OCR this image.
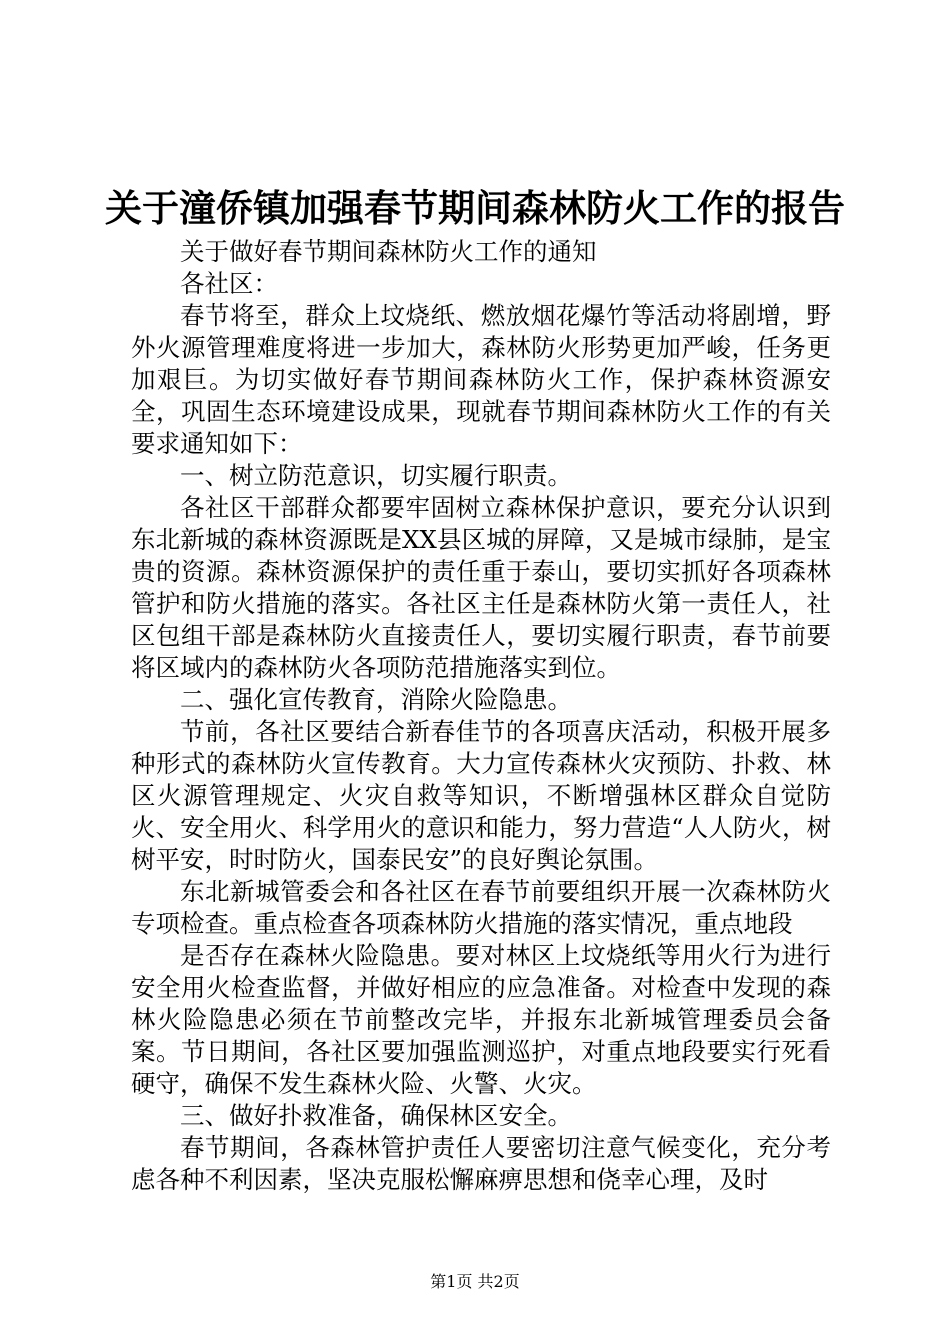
关于潼侨镇加强春节期间森林防火工作的报告

关于做好春节期间森林防火工作的通知

各社区：

春节将至，群众上坟烧纸、燃放烟花爆竹等活动将剧增，野外火源管理难度将进一步加大，森林防火形势更加严峻，任务更加艰巨。为切实做好春节期间森林防火工作，保护森林资源安全，巩固生态环境建设成果，现就春节期间森林防火工作的有关要求通知如下：

一、树立防范意识，切实履行职责。

各社区干部群众都要牢固树立森林保护意识，要充分认识到东北新城的森林资源既是XX县区城的屏障，又是城市绿肺，是宝贵的资源。森林资源保护的责任重于泰山，要切实抓好各项森林管护和防火措施的落实。各社区主任是森林防火第一责任人，社区包组干部是森林防火直接责任人，要切实履行职责，春节前要将区域内的森林防火各项防范措施落实到位。

二、强化宣传教育，消除火险隐患。

节前，各社区要结合新春佳节的各项喜庆活动，积极开展多种形式的森林防火宣传教育。大力宣传森林火灾预防、扑救、林区火源管理规定、火灾自救等知识，不断增强林区群众自觉防火、安全用火、科学用火的意识和能力，努力营造“人人防火，树树平安，时时防火，国泰民安”的良好舆论氛围。

东北新城管委会和各社区在春节前要组织开展一次森林防火专项检查。重点检查各项森林防火措施的落实情况，重点地段

是否存在森林火险隐患。要对林区上坟烧纸等用火行为进行安全用火检查监督，并做好相应的应急准备。对检查中发现的森林火险隐患必须在节前整改完毕，并报东北新城管理委员会备案。节日期间，各社区要加强监测巡护，对重点地段要实行死看硬守，确保不发生森林火险、火警、火灾。

三、做好扑救准备，确保林区安全。

春节期间，各森林管护责任人要密切注意气候变化，充分考虑各种不利因素，坚决克服松懈麻痹思想和侥幸心理，及时

第1页 共2页
